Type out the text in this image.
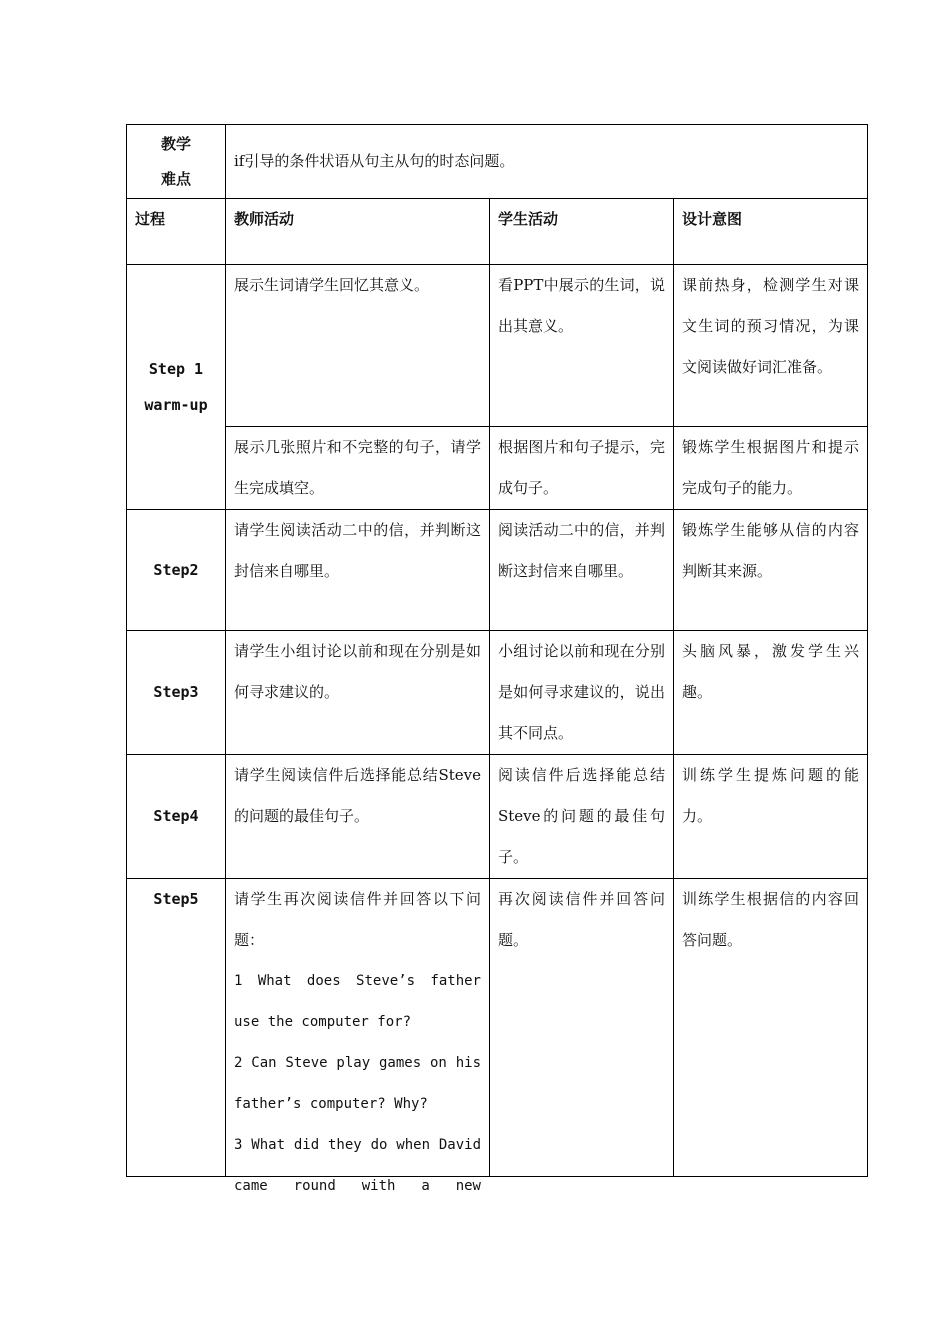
教学
难点	if引导的条件状语从句主从句的时态问题。		
过程	教师活动	学生活动	设计意图

Step 1
warm-up	展示生词请学生回忆其意义。	看PPT中展示的生词，说出其意义。	课前热身，检测学生对课文生词的预习情况，为课文阅读做好词汇准备。
	展示几张照片和不完整的句子，请学生完成填空。	根据图片和句子提示，完成句子。	锻炼学生根据图片和提示完成句子的能力。
Step2	请学生阅读活动二中的信，并判断这封信来自哪里。	阅读活动二中的信，并判断这封信来自哪里。	锻炼学生能够从信的内容判断其来源。
Step3	请学生小组讨论以前和现在分别是如何寻求建议的。	小组讨论以前和现在分别是如何寻求建议的，说出其不同点。	头脑风暴，激发学生兴趣。
Step4	请学生阅读信件后选择能总结Steve的问题的最佳句子。	阅读信件后选择能总结Steve的问题的最佳句子。	训练学生提炼问题的能力。
Step5	请学生再次阅读信件并回答以下问题：
1 What does Steve’s father use the computer for?
2 Can Steve play games on his father’s computer? Why?
3 What did they do when David came round with a new	再次阅读信件并回答问题。	训练学生根据信的内容回答问题。
